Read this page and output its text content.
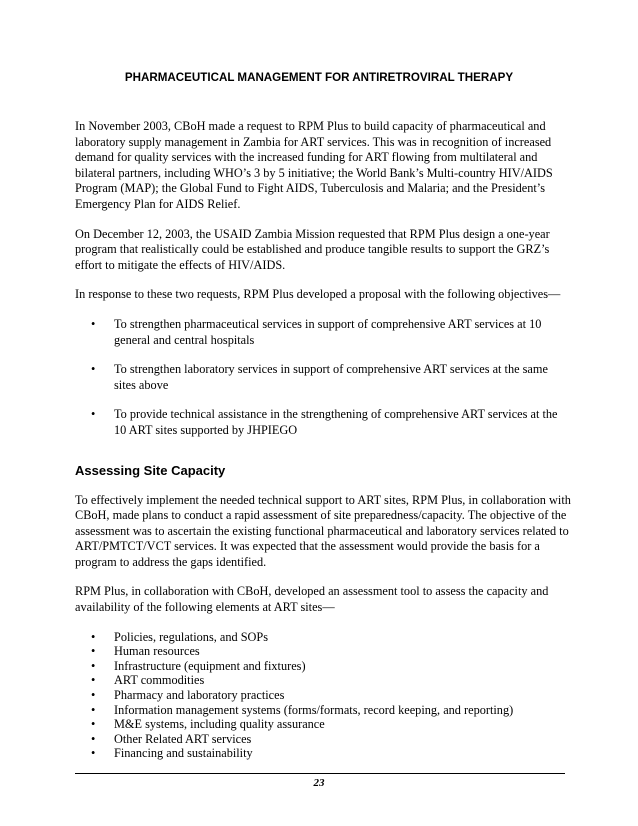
PHARMACEUTICAL MANAGEMENT FOR ANTIRETROVIRAL THERAPY

In November 2003, CBoH made a request to RPM Plus to build capacity of pharmaceutical and laboratory supply management in Zambia for ART services. This was in recognition of increased demand for quality services with the increased funding for ART flowing from multilateral and bilateral partners, including WHO’s 3 by 5 initiative; the World Bank’s Multi-country HIV/AIDS Program (MAP); the Global Fund to Fight AIDS, Tuberculosis and Malaria; and the President’s Emergency Plan for AIDS Relief.

On December 12, 2003, the USAID Zambia Mission requested that RPM Plus design a one-year program that realistically could be established and produce tangible results to support the GRZ’s effort to mitigate the effects of HIV/AIDS.

In response to these two requests, RPM Plus developed a proposal with the following objectives—

• To strengthen pharmaceutical services in support of comprehensive ART services at 10 general and central hospitals
• To strengthen laboratory services in support of comprehensive ART services at the same sites above
• To provide technical assistance in the strengthening of comprehensive ART services at the 10 ART sites supported by JHPIEGO
Assessing Site Capacity

To effectively implement the needed technical support to ART sites, RPM Plus, in collaboration with CBoH, made plans to conduct a rapid assessment of site preparedness/capacity. The objective of the assessment was to ascertain the existing functional pharmaceutical and laboratory services related to ART/PMTCT/VCT services. It was expected that the assessment would provide the basis for a program to address the gaps identified.

RPM Plus, in collaboration with CBoH, developed an assessment tool to assess the capacity and availability of the following elements at ART sites—

• Policies, regulations, and SOPs
• Human resources
• Infrastructure (equipment and fixtures)
• ART commodities
• Pharmacy and laboratory practices
• Information management systems (forms/formats, record keeping, and reporting)
• M&E systems, including quality assurance
• Other Related ART services
• Financing and sustainability
23
